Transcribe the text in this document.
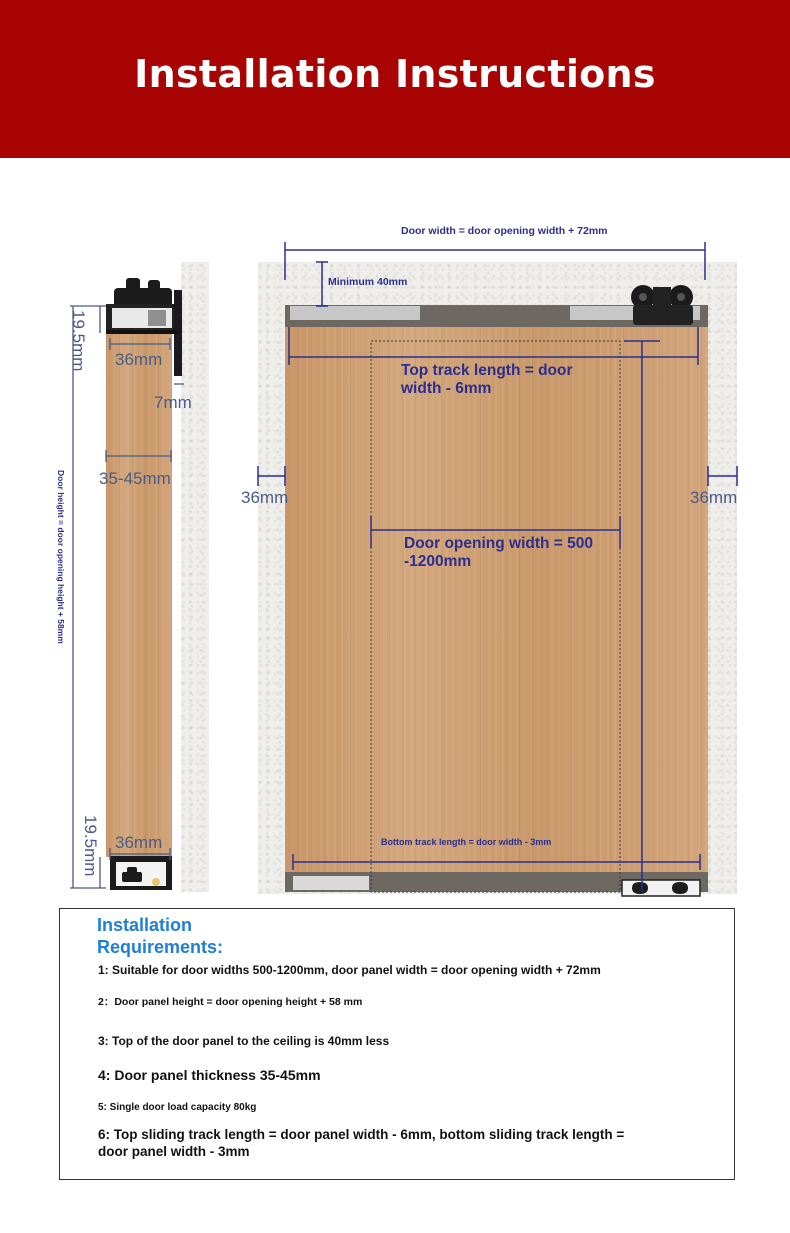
Installation Instructions
19.5mm 36mm
7mm
35-45mm
Door height = door opening height + 58mm
19.5mm 36mm
Door width = door opening width + 72mm
Minimum 40mm
Top track length = door width - 6mm
36mm	36mm
Door opening width = 500 -1200mm
Bottom track length = door width - 3mm
Installation Requirements:
1: Suitable for door widths 500-1200mm, door panel width = door opening width + 72mm
2：Door panel height = door opening height + 58 mm
3: Top of the door panel to the ceiling is 40mm less
4: Door panel thickness 35-45mm
5: Single door load capacity 80kg
6: Top sliding track length = door panel width - 6mm, bottom sliding track length = door panel width - 3mm
